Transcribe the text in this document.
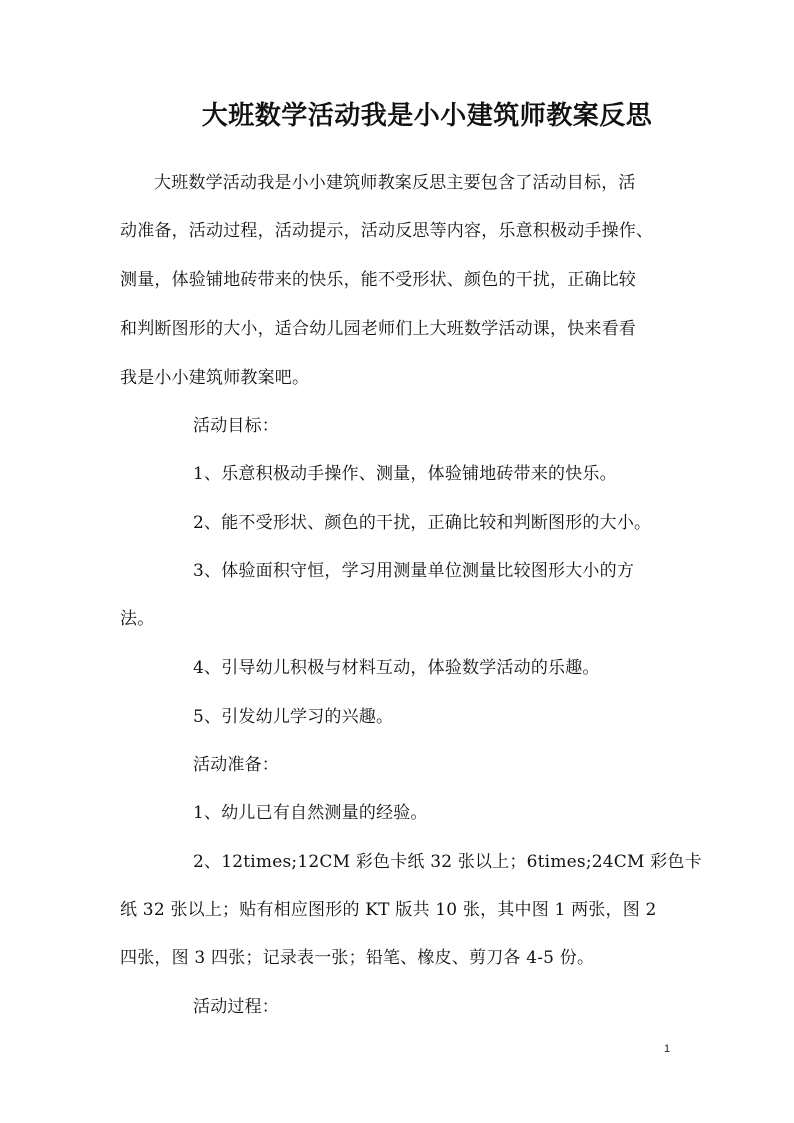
大班数学活动我是小小建筑师教案反思
大班数学活动我是小小建筑师教案反思主要包含了活动目标，活
动准备，活动过程，活动提示，活动反思等内容，乐意积极动手操作、
测量，体验铺地砖带来的快乐，能不受形状、颜色的干扰，正确比较
和判断图形的大小，适合幼儿园老师们上大班数学活动课，快来看看
我是小小建筑师教案吧。
活动目标：
1、乐意积极动手操作、测量，体验铺地砖带来的快乐。
2、能不受形状、颜色的干扰，正确比较和判断图形的大小。
3、体验面积守恒，学习用测量单位测量比较图形大小的方
法。
4、引导幼儿积极与材料互动，体验数学活动的乐趣。
5、引发幼儿学习的兴趣。
活动准备：
1、幼儿已有自然测量的经验。
2、12times;12CM 彩色卡纸 32 张以上；6times;24CM 彩色卡
纸 32 张以上；贴有相应图形的 KT 版共 10 张，其中图 1 两张，图 2
四张，图 3 四张；记录表一张；铅笔、橡皮、剪刀各 4-5 份。
活动过程：
1
